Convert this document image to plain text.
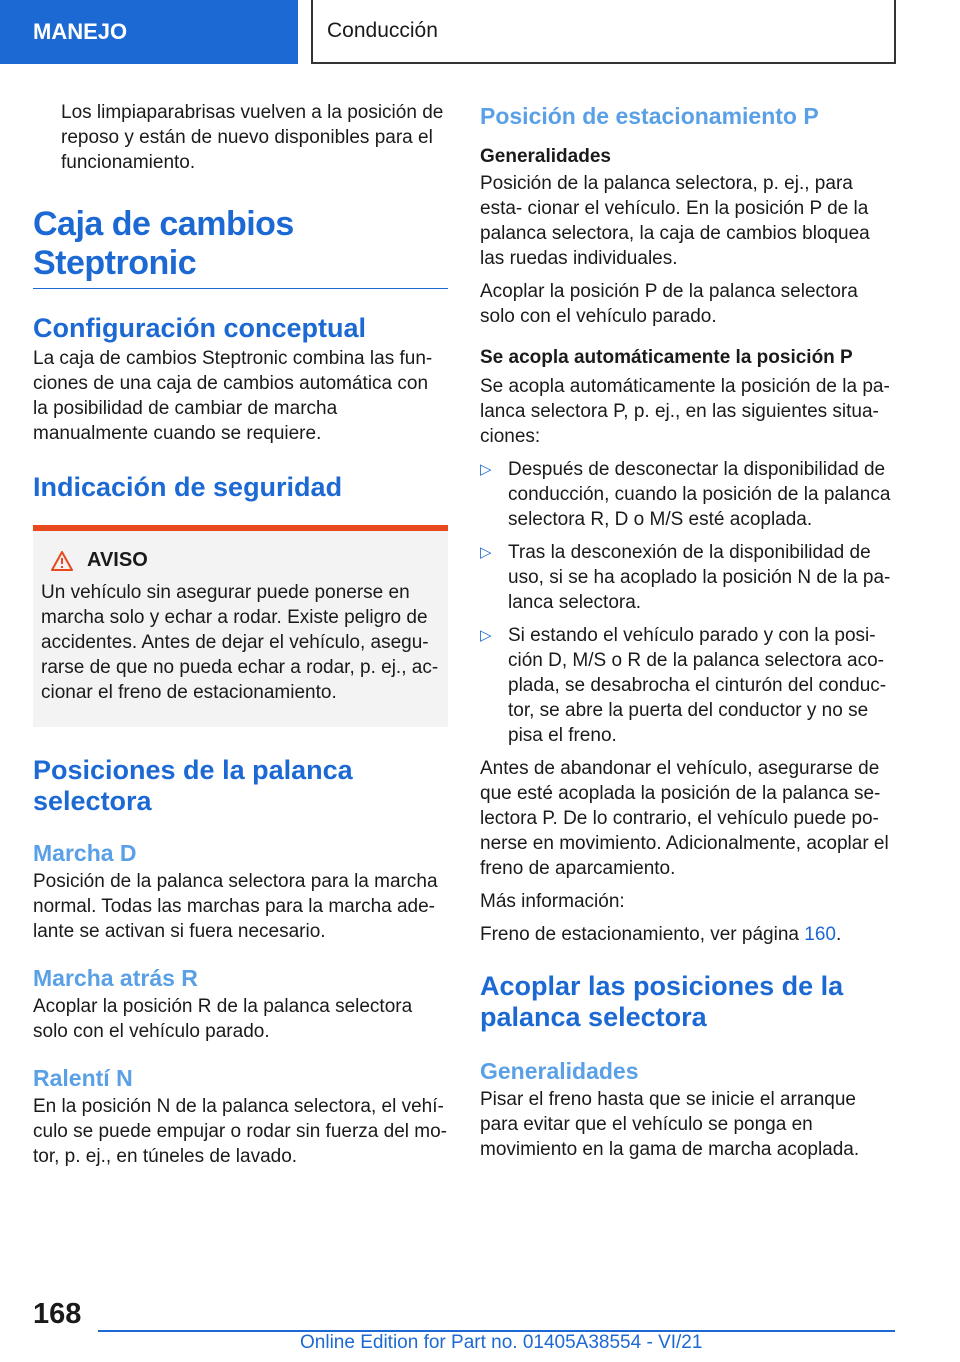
MANEJO	Conducción

Los limpiaparabrisas vuelven a la posición de reposo y están de nuevo disponibles para el funcionamiento.

Caja de cambios Steptronic
Configuración conceptual

La caja de cambios Steptronic combina las fun- ciones de una caja de cambios automática con la posibilidad de cambiar de marcha manualmente cuando se requiere.

Indicación de seguridad
AVISO

Un vehículo sin asegurar puede ponerse en marcha solo y echar a rodar. Existe peligro de accidentes. Antes de dejar el vehículo, asegu- rarse de que no pueda echar a rodar, p. ej., ac- cionar el freno de estacionamiento.

Posiciones de la palanca selectora
Marcha D

Posición de la palanca selectora para la marcha normal. Todas las marchas para la marcha ade- lante se activan si fuera necesario.

Marcha atrás R

Acoplar la posición R de la palanca selectora solo con el vehículo parado.

Ralentí N

En la posición N de la palanca selectora, el vehí- culo se puede empujar o rodar sin fuerza del mo- tor, p. ej., en túneles de lavado.

Posición de estacionamiento P
Generalidades

Posición de la palanca selectora, p. ej., para esta- cionar el vehículo. En la posición P de la palanca selectora, la caja de cambios bloquea las ruedas individuales.

Acoplar la posición P de la palanca selectora solo con el vehículo parado.

Se acopla automáticamente la posición P

Se acopla automáticamente la posición de la pa- lanca selectora P, p. ej., en las siguientes situa- ciones:

▷ Después de desconectar la disponibilidad de conducción, cuando la posición de la palanca selectora R, D o M/S esté acoplada.

▷ Tras la desconexión de la disponibilidad de uso, si se ha acoplado la posición N de la pa- lanca selectora.

▷ Si estando el vehículo parado y con la posi- ción D, M/S o R de la palanca selectora aco- plada, se desabrocha el cinturón del conduc- tor, se abre la puerta del conductor y no se pisa el freno.

Antes de abandonar el vehículo, asegurarse de que esté acoplada la posición de la palanca se- lectora P. De lo contrario, el vehículo puede po- nerse en movimiento. Adicionalmente, acoplar el freno de aparcamiento.

Más información:

Freno de estacionamiento, ver página 160.

Acoplar las posiciones de la palanca selectora
Generalidades

Pisar el freno hasta que se inicie el arranque para evitar que el vehículo se ponga en movimiento en la gama de marcha acoplada.

168
Online Edition for Part no. 01405A38554 - VI/21
